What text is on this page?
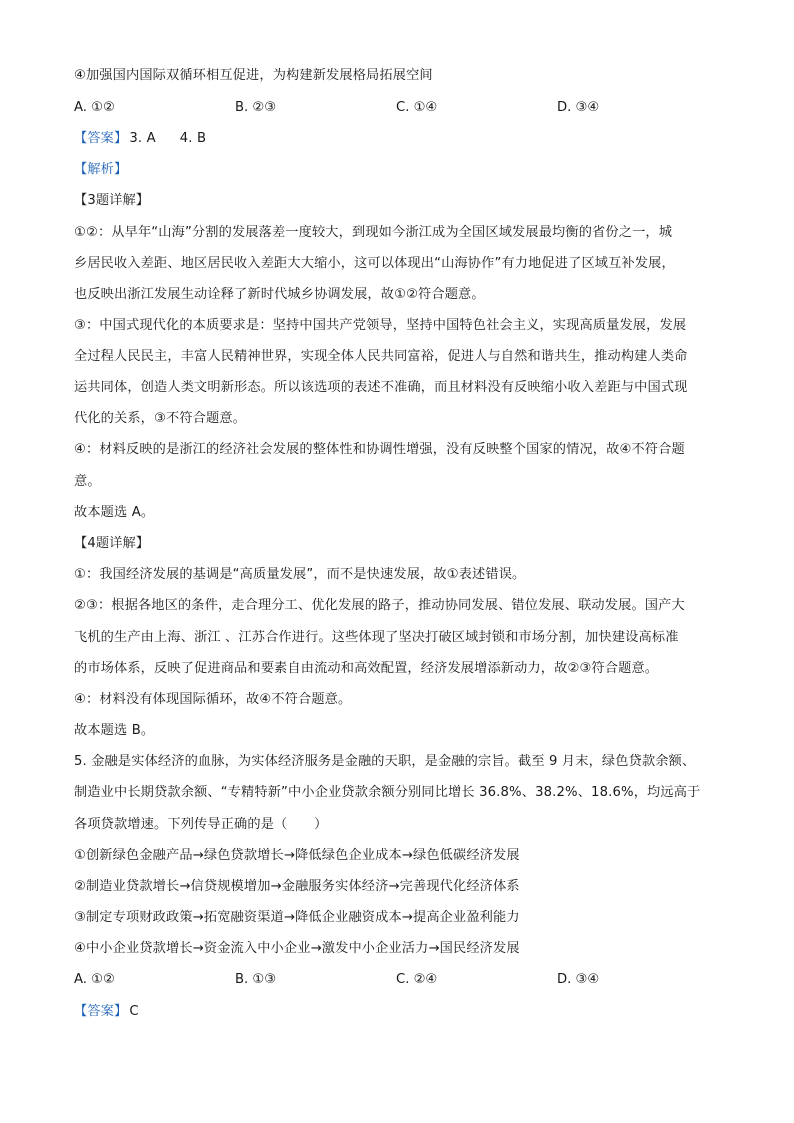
④加强国内国际双循环相互促进，为构建新发展格局拓展空间
A. ①②	B. ②③	C. ①④	D. ③④
【答案】 3. A 4. B
【解析】
【3题详解】
①②：从早年“山海”分割的发展落差一度较大，到现如今浙江成为全国区域发展最均衡的省份之一，城
乡居民收入差距、地区居民收入差距大大缩小，这可以体现出“山海协作”有力地促进了区域互补发展，
也反映出浙江发展生动诠释了新时代城乡协调发展，故①②符合题意。
③：中国式现代化的本质要求是：坚持中国共产党领导，坚持中国特色社会主义，实现高质量发展，发展
全过程人民民主，丰富人民精神世界，实现全体人民共同富裕，促进人与自然和谐共生，推动构建人类命
运共同体，创造人类文明新形态。所以该选项的表述不准确，而且材料没有反映缩小收入差距与中国式现
代化的关系，③不符合题意。
④：材料反映的是浙江的经济社会发展的整体性和协调性增强，没有反映整个国家的情况，故④不符合题
意。
故本题选 A。
【4题详解】
①：我国经济发展的基调是“高质量发展”，而不是快速发展，故①表述错误。
②③：根据各地区的条件，走合理分工、优化发展的路子，推动协同发展、错位发展、联动发展。国产大
飞机的生产由上海、浙江 、江苏合作进行。这些体现了坚决打破区域封锁和市场分割，加快建设高标准
的市场体系，反映了促进商品和要素自由流动和高效配置，经济发展增添新动力，故②③符合题意。
④：材料没有体现国际循环，故④不符合题意。
故本题选 B。
5. 金融是实体经济的血脉，为实体经济服务是金融的天职，是金融的宗旨。截至 9 月末，绿色贷款余额、
制造业中长期贷款余额、“专精特新”中小企业贷款余额分别同比增长 36.8%、38.2%、18.6%，均远高于
各项贷款增速。下列传导正确的是（　　）
①创新绿色金融产品→绿色贷款增长→降低绿色企业成本→绿色低碳经济发展
②制造业贷款增长→信贷规模增加→金融服务实体经济→完善现代化经济体系
③制定专项财政政策→拓宽融资渠道→降低企业融资成本→提高企业盈利能力
④中小企业贷款增长→资金流入中小企业→激发中小企业活力→国民经济发展
A. ①②	B. ①③	C. ②④	D. ③④
【答案】 C
